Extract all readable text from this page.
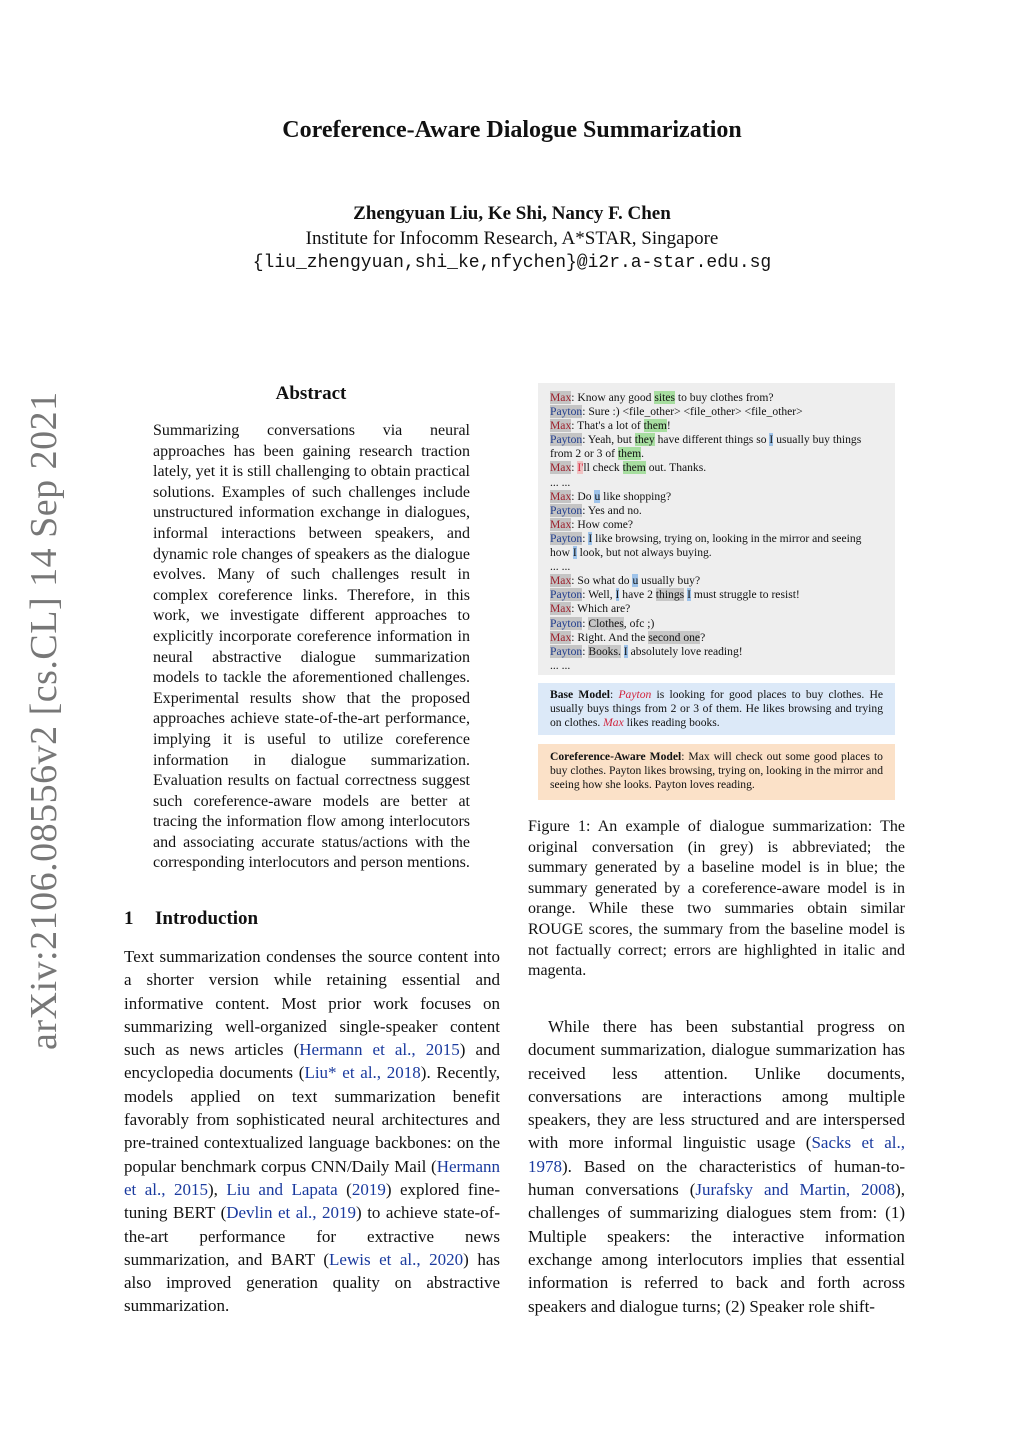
arXiv:2106.08556v2 [cs.CL] 14 Sep 2021
Coreference-Aware Dialogue Summarization
Zhengyuan Liu, Ke Shi, Nancy F. Chen
Institute for Infocomm Research, A*STAR, Singapore
{liu_zhengyuan,shi_ke,nfychen}@i2r.a-star.edu.sg
Abstract
Summarizing conversations via neural approaches has been gaining research traction lately, yet it is still challenging to obtain practical solutions. Examples of such challenges include unstructured information exchange in dialogues, informal interactions between speakers, and dynamic role changes of speakers as the dialogue evolves. Many of such challenges result in complex coreference links. Therefore, in this work, we investigate different approaches to explicitly incorporate coreference information in neural abstractive dialogue summarization models to tackle the aforementioned challenges. Experimental results show that the proposed approaches achieve state-of-the-art performance, implying it is useful to utilize coreference information in dialogue summarization. Evaluation results on factual correctness suggest such coreference-aware models are better at tracing the information flow among interlocutors and associating accurate status/actions with the corresponding interlocutors and person mentions.
1 Introduction
Text summarization condenses the source content into a shorter version while retaining essential and informative content. Most prior work focuses on summarizing well-organized single-speaker content such as news articles (Hermann et al., 2015) and encyclopedia documents (Liu* et al., 2018). Recently, models applied on text summarization benefit favorably from sophisticated neural architectures and pre-trained contextualized language backbones: on the popular benchmark corpus CNN/Daily Mail (Hermann et al., 2015), Liu and Lapata (2019) explored fine-tuning BERT (Devlin et al., 2019) to achieve state-of-the-art performance for extractive news summarization, and BART (Lewis et al., 2020) has also improved generation quality on abstractive summarization.
Max: Know any good sites to buy clothes from?
Payton: Sure :) <file_other> <file_other> <file_other>
Max: That's a lot of them!
Payton: Yeah, but they have different things so I usually buy things from 2 or 3 of them.
Max: I'll check them out. Thanks.
... ...
Max: Do u like shopping?
Payton: Yes and no.
Max: How come?
Payton: I like browsing, trying on, looking in the mirror and seeing how I look, but not always buying.
... ...
Max: So what do u usually buy?
Payton: Well, I have 2 things I must struggle to resist!
Max: Which are?
Payton: Clothes, ofc ;)
Max: Right. And the second one?
Payton: Books. I absolutely love reading!
... ...
Base Model: Payton is looking for good places to buy clothes. He usually buys things from 2 or 3 of them. He likes browsing and trying on clothes. Max likes reading books.
Coreference-Aware Model: Max will check out some good places to buy clothes. Payton likes browsing, trying on, looking in the mirror and seeing how she looks. Payton loves reading.
Figure 1: An example of dialogue summarization: The original conversation (in grey) is abbreviated; the summary generated by a baseline model is in blue; the summary generated by a coreference-aware model is in orange. While these two summaries obtain similar ROUGE scores, the summary from the baseline model is not factually correct; errors are highlighted in italic and magenta.
While there has been substantial progress on document summarization, dialogue summarization has received less attention. Unlike documents, conversations are interactions among multiple speakers, they are less structured and are interspersed with more informal linguistic usage (Sacks et al., 1978). Based on the characteristics of human-to-human conversations (Jurafsky and Martin, 2008), challenges of summarizing dialogues stem from: (1) Multiple speakers: the interactive information exchange among interlocutors implies that essential information is referred to back and forth across speakers and dialogue turns; (2) Speaker role shift-
